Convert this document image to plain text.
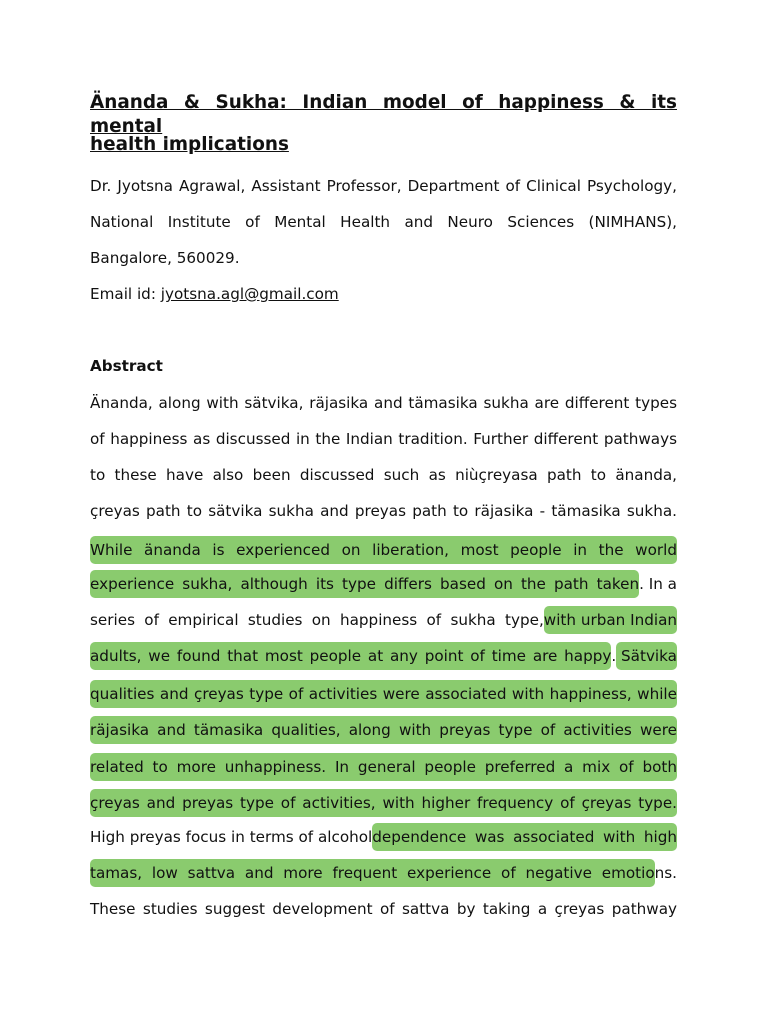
Änanda & Sukha: Indian model of happiness & its mental
health implications
Dr. Jyotsna Agrawal, Assistant Professor, Department of Clinical Psychology,
National Institute of Mental Health and Neuro Sciences (NIMHANS),
Bangalore, 560029.
Email id: jyotsna.agl@gmail.com
Abstract
Änanda, along with sätvika, räjasika and tämasika sukha are different types
of happiness as discussed in the Indian tradition. Further different pathways
to these have also been discussed such as niùçreyasa path to änanda,
çreyas path to sätvika sukha and preyas path to räjasika - tämasika sukha.
While änanda is experienced on liberation, most people in the world
experience sukha, although its type differs based on the path taken . In a
series of empirical studies on happiness of sukha type, with urban Indian
adults, we found that most people at any point of time are happy . Sätvika
qualities and çreyas type of activities were associated with happiness, while
räjasika and tämasika qualities, along with preyas type of activities were
related to more unhappiness. In general people preferred a mix of both
çreyas and preyas type of activities, with higher frequency of çreyas type.
High preyas focus in terms of alcohol dependence was associated with high
tamas, low sattva and more frequent experience of negative emotio ns.
These studies suggest development of sattva by taking a çreyas pathway
